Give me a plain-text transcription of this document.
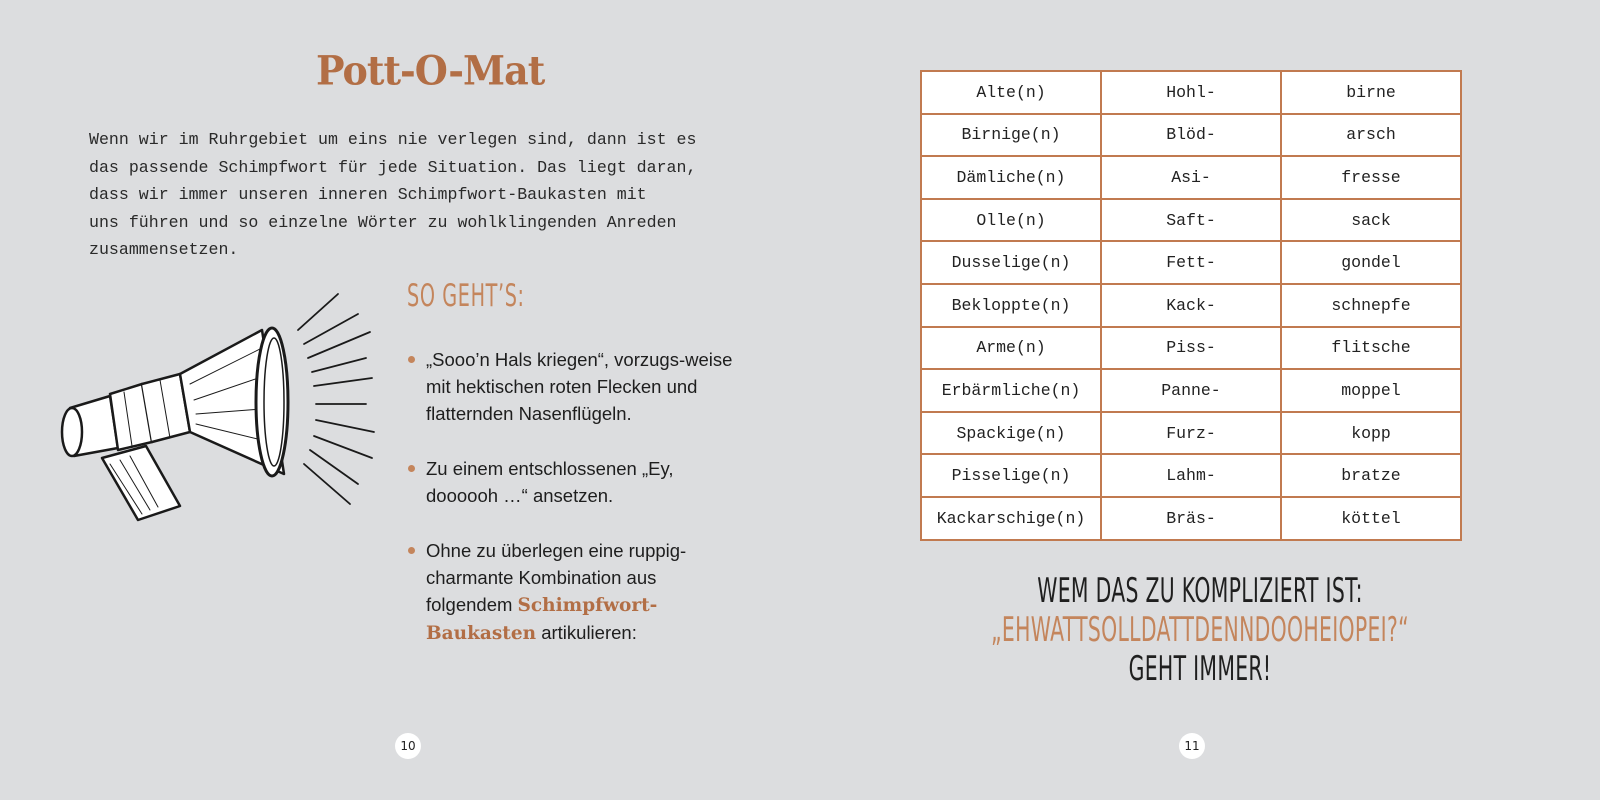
Pott-O-Mat
Wenn wir im Ruhrgebiet um eins nie verlegen sind, dann ist es
das passende Schimpfwort für jede Situation. Das liegt daran,
dass wir immer unseren inneren Schimpfwort-Baukasten mit
uns führen und so einzelne Wörter zu wohlklingenden Anreden
zusammensetzen.
SO GEHT’S:
„Sooo’n Hals kriegen“, vorzugs-weise mit hektischen roten Flecken und flatternden Nasenflügeln.
Zu einem entschlossenen „Ey, doooooh …“ ansetzen.
Ohne zu überlegen eine ruppig-charmante Kombination aus folgendem Schimpfwort-Baukasten artikulieren:
10
Alte(n)	Hohl-	birne
Birnige(n)	Blöd-	arsch
Dämliche(n)	Asi-	fresse
Olle(n)	Saft-	sack
Dusselige(n)	Fett-	gondel
Bekloppte(n)	Kack-	schnepfe
Arme(n)	Piss-	flitsche
Erbärmliche(n)	Panne-	moppel
Spackige(n)	Furz-	kopp
Pisselige(n)	Lahm-	bratze
Kackarschige(n)	Bräs-	köttel
WEM DAS ZU KOMPLIZIERT IST:
„EHWATTSOLLDATTDENNDOOHEIOPEI?“
GEHT IMMER!
11
